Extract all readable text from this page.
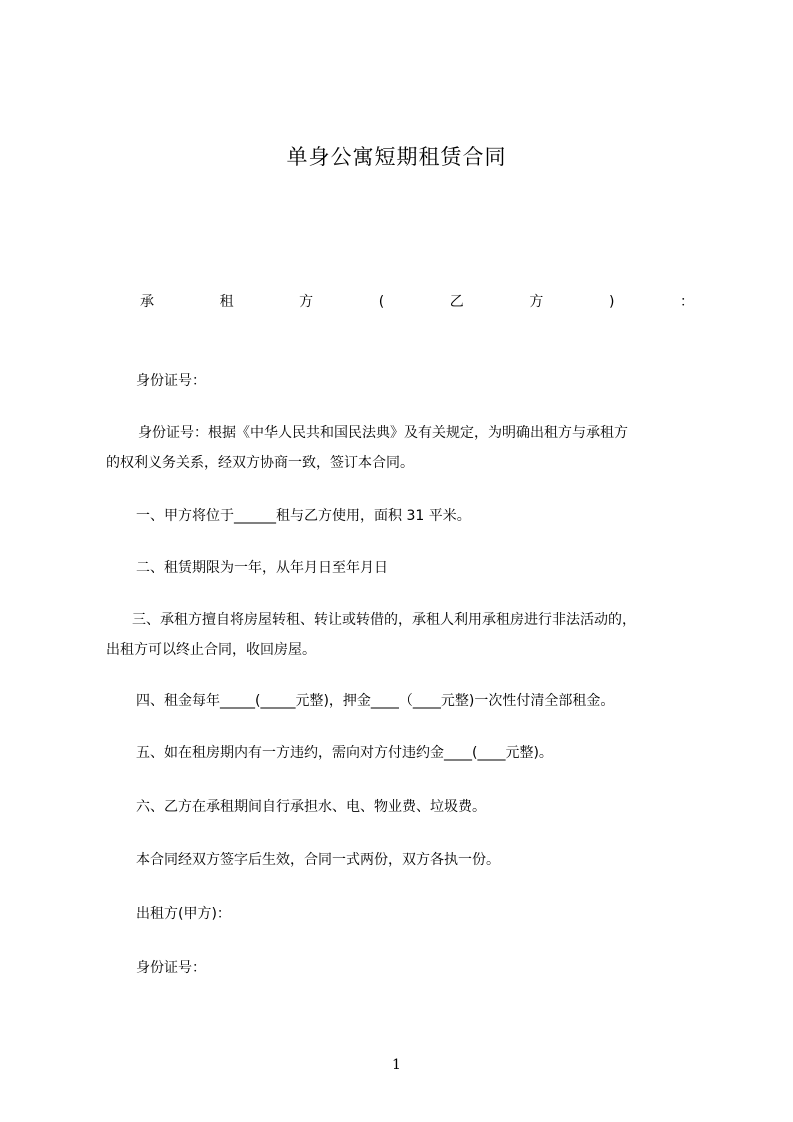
单身公寓短期租赁合同
承	租	方	(	乙	方	)	：

身份证号：

身份证号：根据《中华人民共和国民法典》及有关规定，为明确出租方与承租方
的权利义务关系，经双方协商一致，签订本合同。

一、甲方将位于______租与乙方使用，面积 31 平米。

二、租赁期限为一年，从年月日至年月日

三、承租方擅自将房屋转租、转让或转借的，承租人利用承租房进行非法活动的，
出租方可以终止合同，收回房屋。

四、租金每年_____(_____元整)，押金____（____元整)一次性付清全部租金。

五、如在租房期内有一方违约，需向对方付违约金____(____元整)。

六、乙方在承租期间自行承担水、电、物业费、垃圾费。

本合同经双方签字后生效，合同一式两份，双方各执一份。

出租方(甲方)：

身份证号：

1
